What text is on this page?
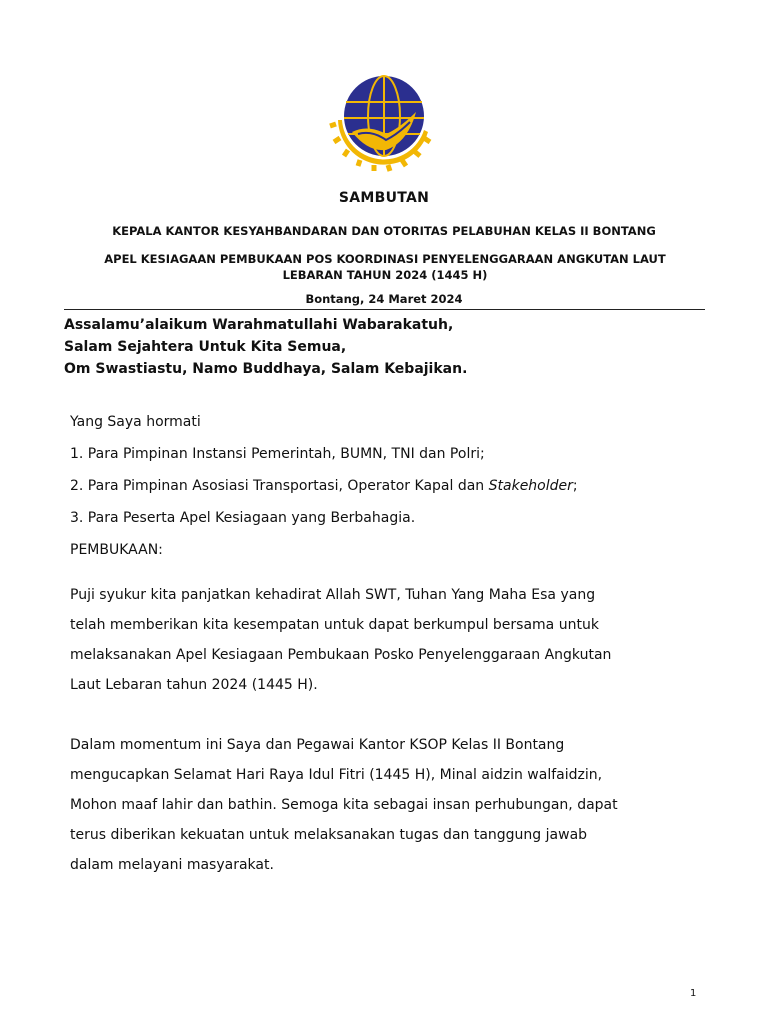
SAMBUTAN
KEPALA KANTOR KESYAHBANDARAN DAN OTORITAS PELABUHAN KELAS II BONTANG
APEL KESIAGAAN PEMBUKAAN POS KOORDINASI PENYELENGGARAAN ANGKUTAN LAUT LEBARAN TAHUN 2024 (1445 H)
Bontang, 24 Maret 2024
Assalamu’alaikum Warahmatullahi Wabarakatuh,
Salam Sejahtera Untuk Kita Semua,
Om Swastiastu, Namo Buddhaya, Salam Kebajikan.
Yang Saya hormati
1. Para Pimpinan Instansi Pemerintah, BUMN, TNI dan Polri;
2. Para Pimpinan Asosiasi Transportasi, Operator Kapal dan Stakeholder;
3. Para Peserta Apel Kesiagaan yang Berbahagia.
PEMBUKAAN:
Puji syukur kita panjatkan kehadirat Allah SWT, Tuhan Yang Maha Esa yang
telah memberikan kita kesempatan untuk dapat berkumpul bersama untuk
melaksanakan Apel Kesiagaan Pembukaan Posko Penyelenggaraan Angkutan
Laut Lebaran tahun 2024 (1445 H).
Dalam momentum ini Saya dan Pegawai Kantor KSOP Kelas II Bontang
mengucapkan Selamat Hari Raya Idul Fitri (1445 H), Minal aidzin walfaidzin,
Mohon maaf lahir dan bathin. Semoga kita sebagai insan perhubungan, dapat
terus diberikan kekuatan untuk melaksanakan tugas dan tanggung jawab
dalam melayani masyarakat.
1
